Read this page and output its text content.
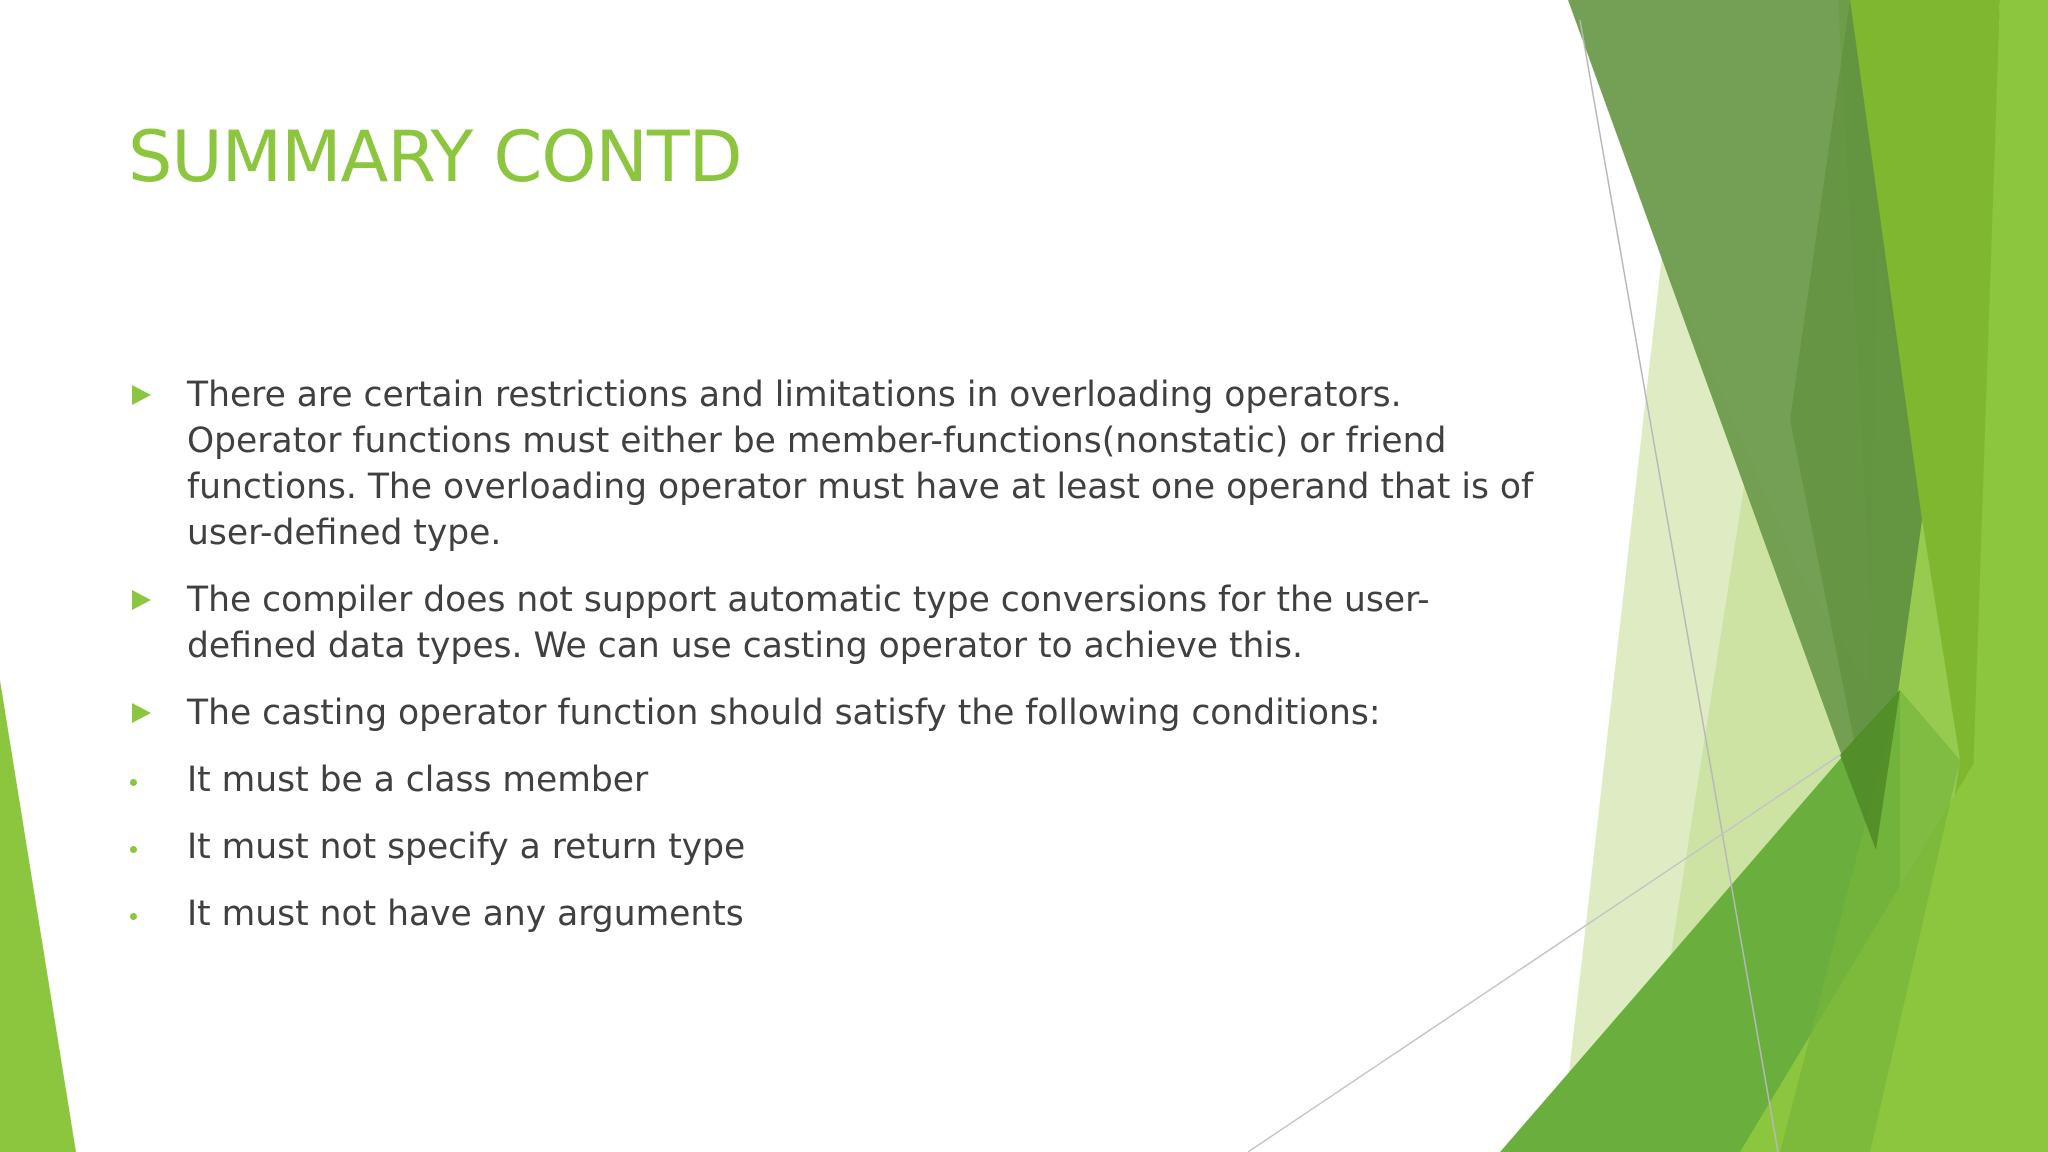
SUMMARY CONTD
There are certain restrictions and limitations in overloading operators. Operator functions must either be member-functions(nonstatic) or friend functions. The overloading operator must have at least one operand that is of user-defined type.
The compiler does not support automatic type conversions for the user-defined data types. We can use casting operator to achieve this.
The casting operator function should satisfy the following conditions:
It must be a class member
It must not specify a return type
It must not have any arguments
